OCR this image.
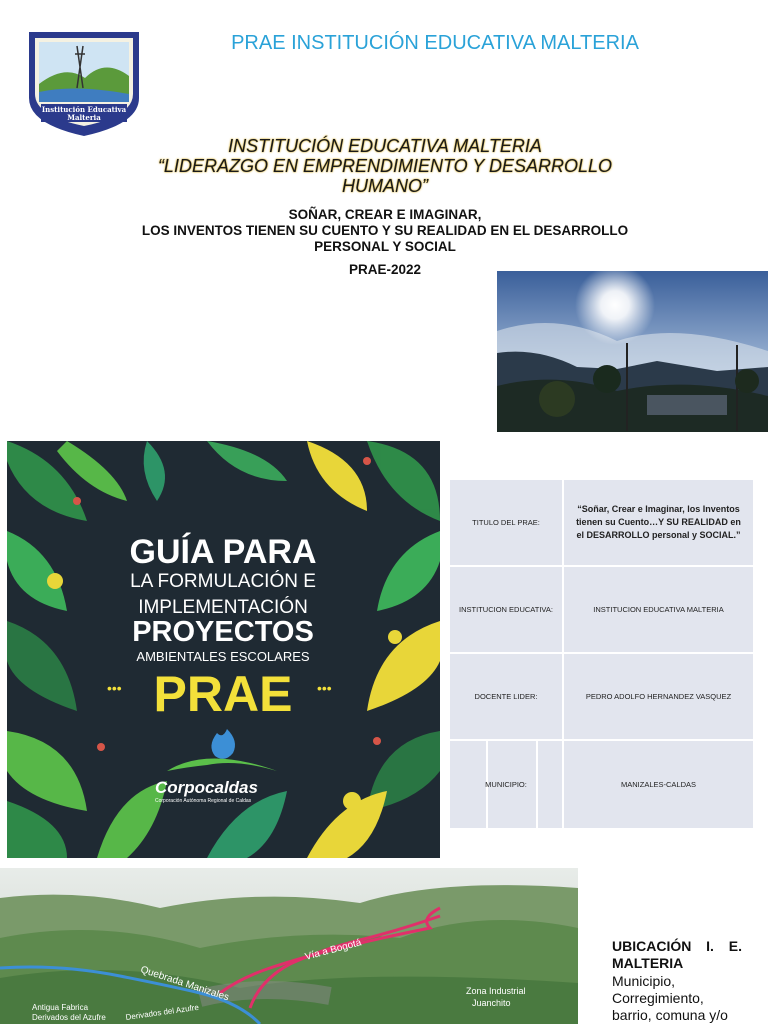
Institución Educativa
Malteria
PRAE INSTITUCIÓN EDUCATIVA MALTERIA
INSTITUCIÓN EDUCATIVA MALTERIA
“LIDERAZGO EN EMPRENDIMIENTO Y DESARROLLO
HUMANO”
SOÑAR, CREAR E IMAGINAR,
LOS INVENTOS TIENEN SU CUENTO Y SU REALIDAD EN EL DESARROLLO
PERSONAL Y SOCIAL
PRAE-2022
GUÍA PARA
LA FORMULACIÓN E
IMPLEMENTACIÓN
PROYECTOS
AMBIENTALES ESCOLARES
PRAE
•••	•••
Corpocaldas
Corporación Autónoma Regional de Caldas
TITULO DEL PRAE:
“Soñar, Crear e Imaginar, los Inventos tienen su Cuento…Y SU REALIDAD en el DESARROLLO personal y SOCIAL.”
INSTITUCION EDUCATIVA:	INSTITUCION EDUCATIVA MALTERIA
DOCENTE LIDER:	PEDRO ADOLFO HERNANDEZ VASQUEZ
MUNICIPIO:	MANIZALES-CALDAS
Quebrada Manizales
Vía a Bogotá
Antigua Fabrica
Derivados del Azufre Derivados del Azufre
Zona Industrial
Juanchito
UBICACIÓN I. E. MALTERIA
Municipio, Corregimiento, barrio, comuna y/o
